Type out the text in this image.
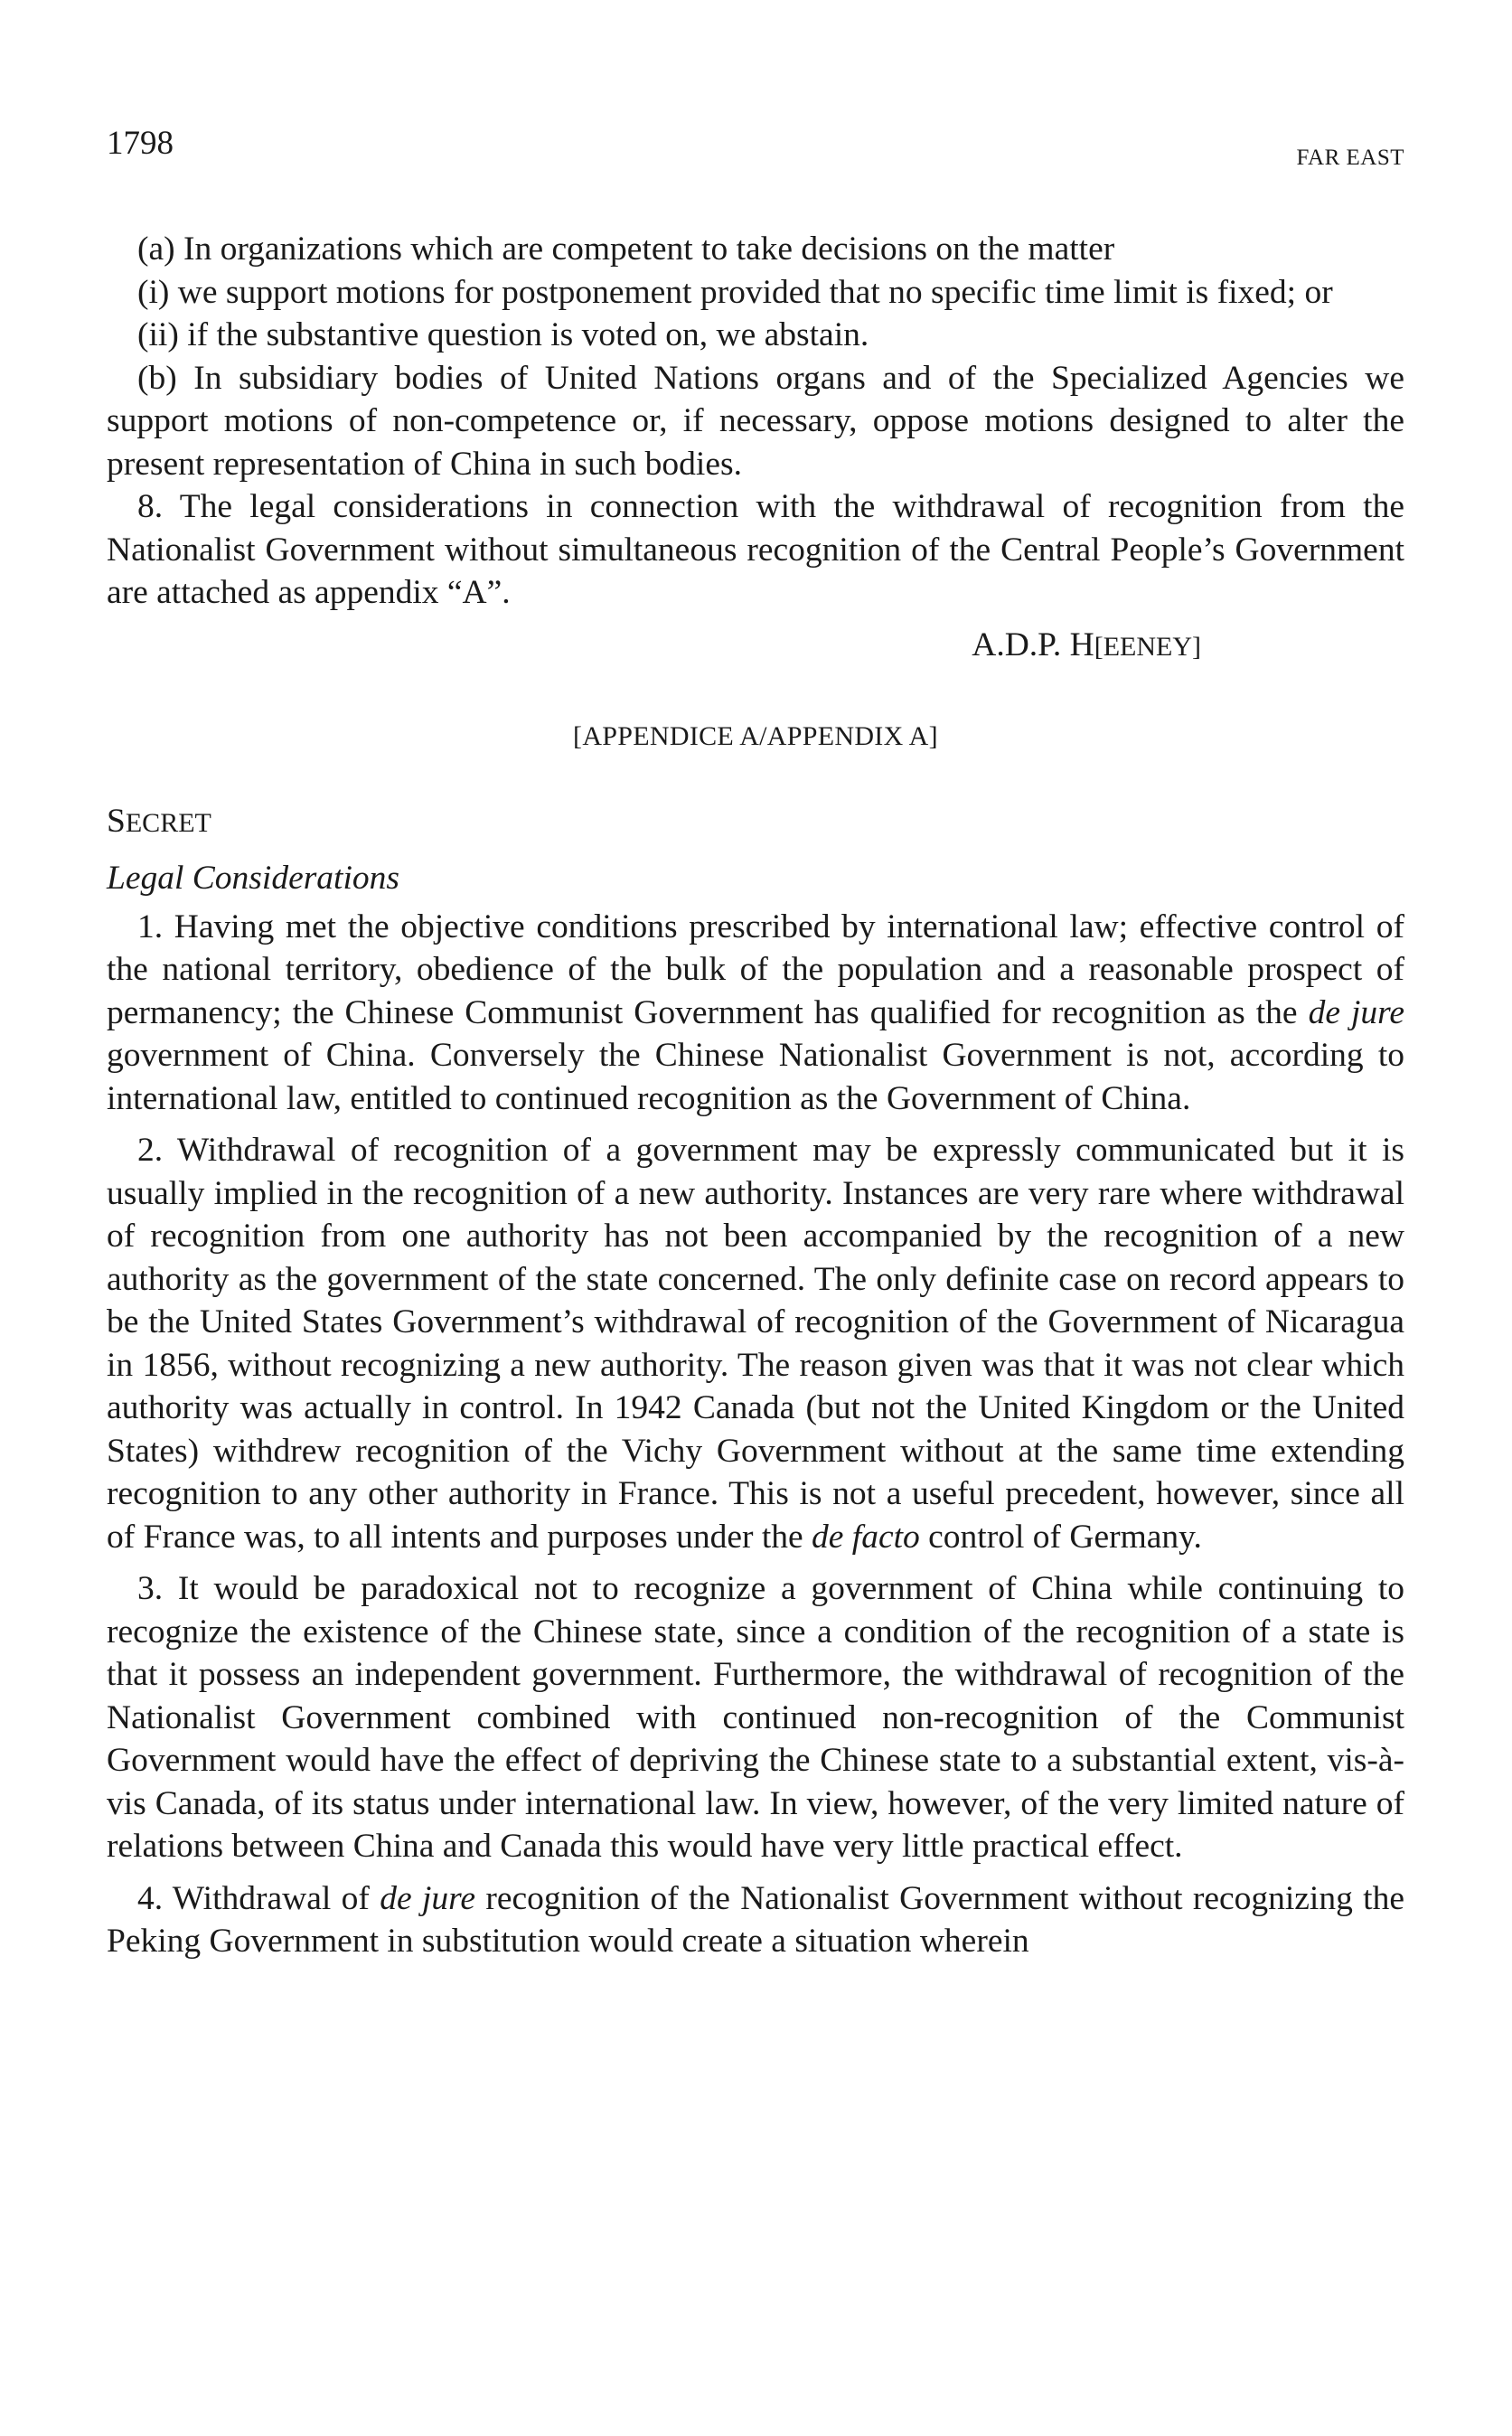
1798	FAR EAST

(a) In organizations which are competent to take decisions on the matter

(i) we support motions for postponement provided that no specific time limit is fixed; or

(ii) if the substantive question is voted on, we abstain.

(b) In subsidiary bodies of United Nations organs and of the Specialized Agencies we support motions of non-competence or, if necessary, oppose motions designed to alter the present representation of China in such bodies.

8. The legal considerations in connection with the withdrawal of recognition from the Nationalist Government without simultaneous recognition of the Central People’s Government are attached as appendix “A”.

A.D.P. H[EENEY]
[APPENDICE A/APPENDIX A]
SECRET
Legal Considerations

1. Having met the objective conditions prescribed by international law; effective control of the national territory, obedience of the bulk of the population and a reasonable prospect of permanency; the Chinese Communist Government has qualified for recognition as the de jure government of China. Conversely the Chinese Nationalist Government is not, according to international law, entitled to continued recognition as the Government of China.

2. Withdrawal of recognition of a government may be expressly communicated but it is usually implied in the recognition of a new authority. Instances are very rare where withdrawal of recognition from one authority has not been accompanied by the recognition of a new authority as the government of the state concerned. The only definite case on record appears to be the United States Government’s withdrawal of recognition of the Government of Nicaragua in 1856, without recognizing a new authority. The reason given was that it was not clear which authority was actually in control. In 1942 Canada (but not the United Kingdom or the United States) withdrew recognition of the Vichy Government without at the same time extending recognition to any other authority in France. This is not a useful precedent, however, since all of France was, to all intents and purposes under the de facto control of Germany.

3. It would be paradoxical not to recognize a government of China while continuing to recognize the existence of the Chinese state, since a condition of the recognition of a state is that it possess an independent government. Furthermore, the withdrawal of recognition of the Nationalist Government combined with continued non-recognition of the Communist Government would have the effect of depriving the Chinese state to a substantial extent, vis-à-vis Canada, of its status under international law. In view, however, of the very limited nature of relations between China and Canada this would have very little practical effect.

4. Withdrawal of de jure recognition of the Nationalist Government without recognizing the Peking Government in substitution would create a situation wherein
